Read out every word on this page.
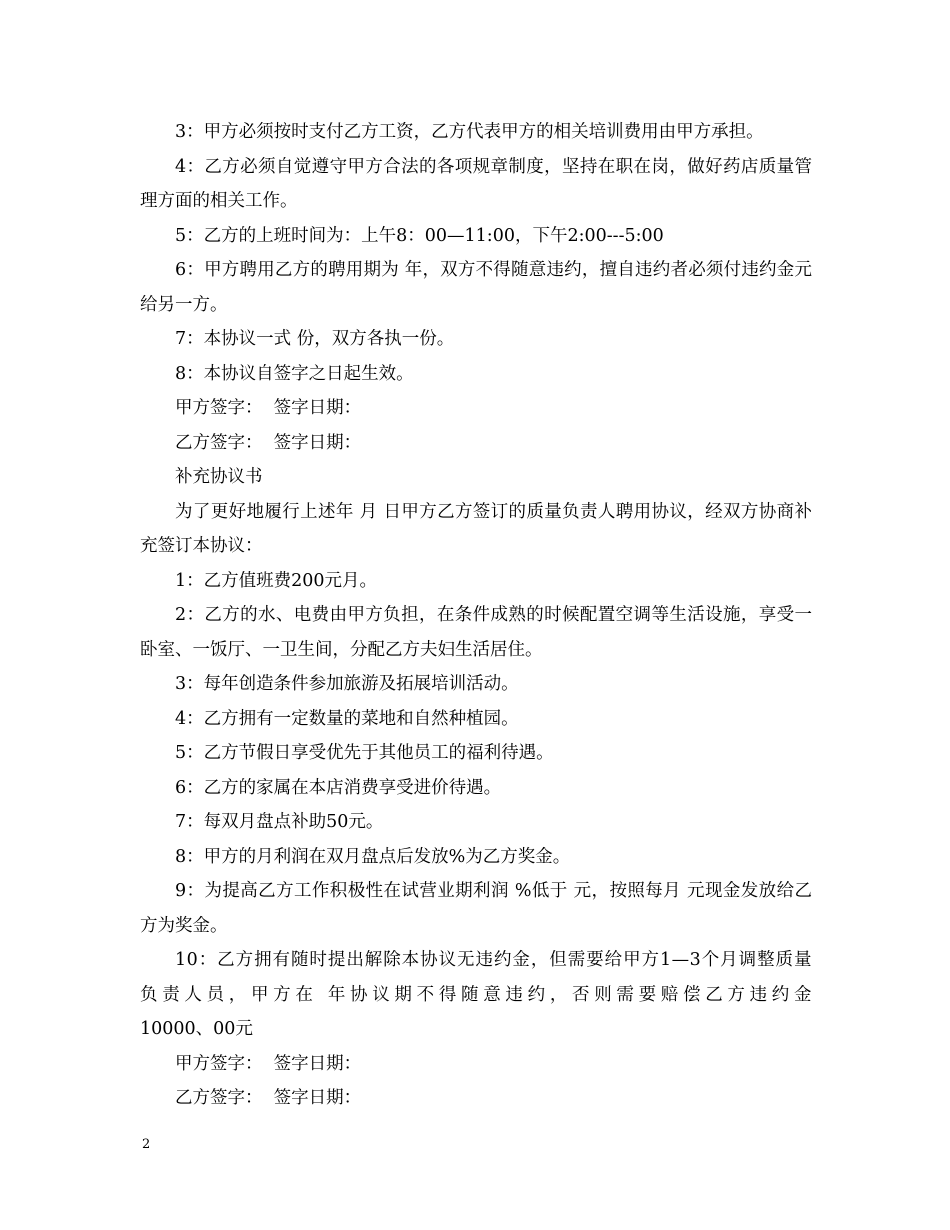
3：甲方必须按时支付乙方工资，乙方代表甲方的相关培训费用由甲方承担。

4：乙方必须自觉遵守甲方合法的各项规章制度，坚持在职在岗，做好药店质量管理方面的相关工作。

5：乙方的上班时间为：上午8：00—11:00，下午2:00---5:00

6：甲方聘用乙方的聘用期为 年，双方不得随意违约，擅自违约者必须付违约金元给另一方。

7：本协议一式 份，双方各执一份。

8：本协议自签字之日起生效。

甲方签字：  签字日期：

乙方签字：  签字日期：

补充协议书

为了更好地履行上述年 月 日甲方乙方签订的质量负责人聘用协议，经双方协商补充签订本协议：

1：乙方值班费200元月。

2：乙方的水、电费由甲方负担，在条件成熟的时候配置空调等生活设施，享受一卧室、一饭厅、一卫生间，分配乙方夫妇生活居住。

3：每年创造条件参加旅游及拓展培训活动。

4：乙方拥有一定数量的菜地和自然种植园。

5：乙方节假日享受优先于其他员工的福利待遇。

6：乙方的家属在本店消费享受进价待遇。

7：每双月盘点补助50元。

8：甲方的月利润在双月盘点后发放%为乙方奖金。

9：为提高乙方工作积极性在试营业期利润 %低于 元，按照每月 元现金发放给乙方为奖金。

10：乙方拥有随时提出解除本协议无违约金，但需要给甲方1—3个月调整质量负责人员，甲方在 年协议期不得随意违约，否则需要赔偿乙方违约金

10000、00元

甲方签字：  签字日期：

乙方签字：  签字日期：

2
